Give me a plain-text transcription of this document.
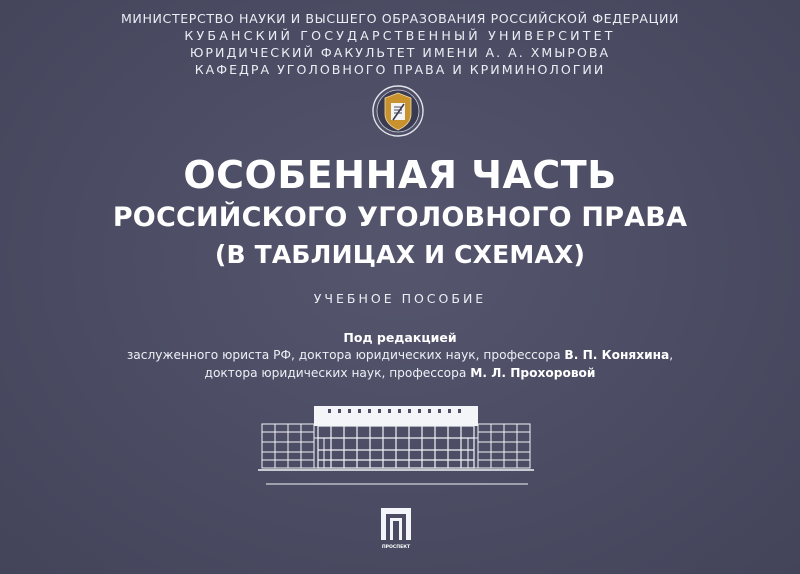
МИНИСТЕРСТВО НАУКИ И ВЫСШЕГО ОБРАЗОВАНИЯ РОССИЙСКОЙ ФЕДЕРАЦИИ
КУБАНСКИЙ ГОСУДАРСТВЕННЫЙ УНИВЕРСИТЕТ
ЮРИДИЧЕСКИЙ ФАКУЛЬТЕТ ИМЕНИ А. А. ХМЫРОВА
КАФЕДРА УГОЛОВНОГО ПРАВА И КРИМИНОЛОГИИ
ОСОБЕННАЯ ЧАСТЬ
РОССИЙСКОГО УГОЛОВНОГО ПРАВА
(В ТАБЛИЦАХ И СХЕМАХ)
УЧЕБНОЕ ПОСОБИЕ
Под редакцией
заслуженного юриста РФ, доктора юридических наук, профессора В. П. Коняхина,
доктора юридических наук, профессора М. Л. Прохоровой
ПРОСПЕКТ
